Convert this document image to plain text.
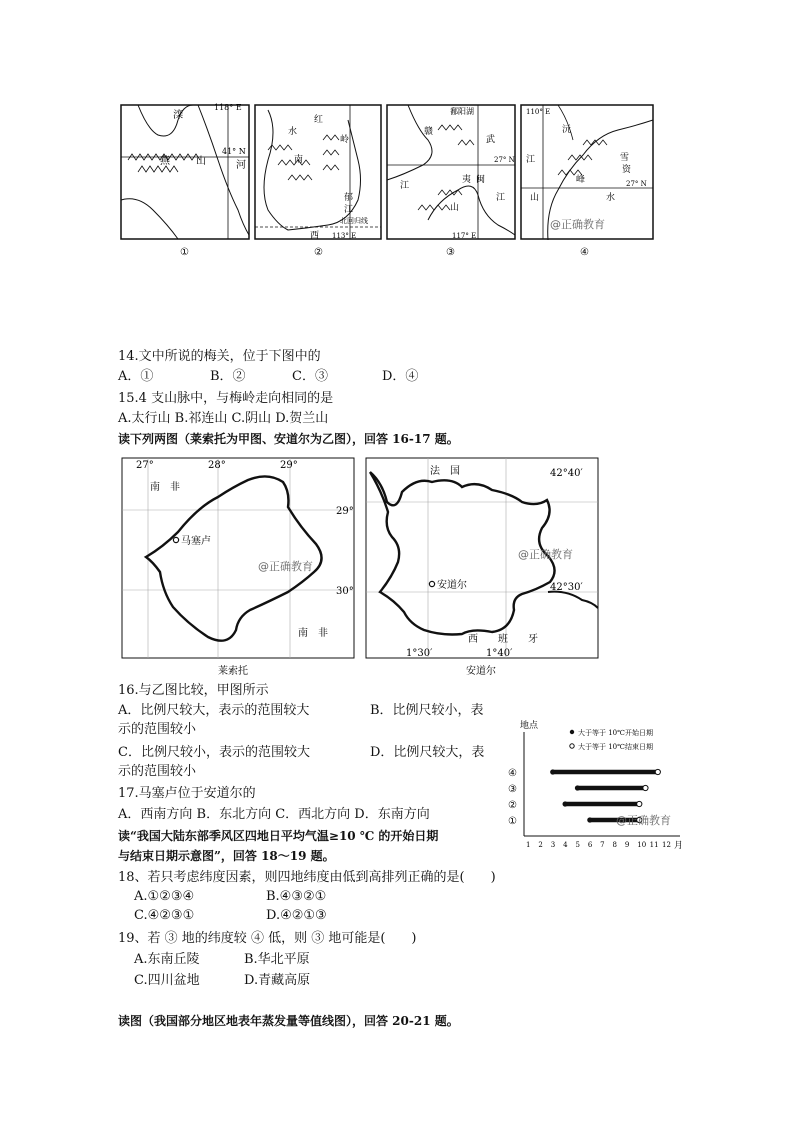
118° E
41° N
滦
燕	山	河
①
红
水
岭
南
郁
江
西
北回归线
113° E
②
鄱阳湖
赣
武
江
夷 闽
山
江
27° N
117° E
③
110° E
27° N
沅
雪
峰
资
江
山	水
@正确教育
④
14.文中所说的梅关，位于下图中的
A．①	B．②	C．③	D．④
15.4 支山脉中，与梅岭走向相同的是
A.太行山 B.祁连山 C.阴山 D.贺兰山
读下列两图（莱索托为甲图、安道尔为乙图），回答 16-17 题。
马塞卢
27°	28°	29°
29°
30°
南　非
南　非
@正确教育
莱索托
安道尔
42°40′
42°30′
1°30′	1°40′
法　国
西　　班　　牙
@正确教育
安道尔
16.与乙图比较，甲图所示
A．比例尺较大，表示的范围较大	B．比例尺较小，表
示的范围较小
C．比例尺较小，表示的范围较大	D．比例尺较大，表
示的范围较小
17.马塞卢位于安道尔的
A．西南方向 B．东北方向 C．西北方向 D．东南方向
读“我国大陆东部季风区四地日平均气温≥10 ℃ 的开始日期
与结束日期示意图”，回答 18～19 题。
地点
月
大于等于 10℃开始日期
大于等于 10℃结束日期
1 2 3 4 5 6 7 8 9 10 11 12
①
②
③
④
@正确教育
18、若只考虑纬度因素，则四地纬度由低到高排列正确的是(　　)
A.①②③④	B.④③②①
C.④②③①	D.④②①③
19、若 ③ 地的纬度较 ④ 低，则 ③ 地可能是(　　)
A.东南丘陵	B.华北平原
C.四川盆地	D.青藏高原
读图（我国部分地区地表年蒸发量等值线图），回答 20-21 题。
